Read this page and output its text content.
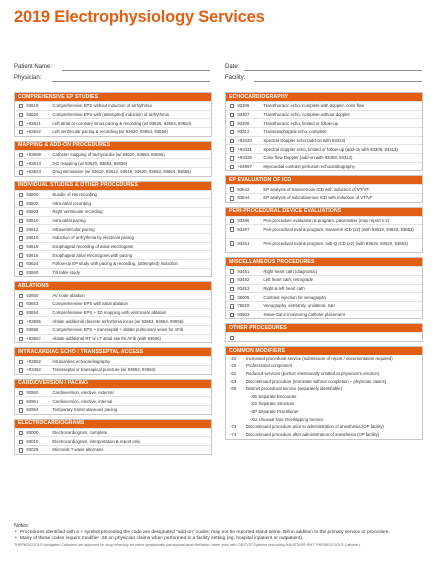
2019 Electrophysiology Services
Patient Name:	Date:
Physician:	Facility:
COMPREHENSIVE EP STUDIES
93619	Comprehensive EPS without induction of arrhythmia
93620	Comprehensive EPS with (attempted) induction of arrhythmia
+93621	Left atrial or coronary sinus pacing & recording (w/ 93620, 93653, 93654)
+93622	Left ventricular pacing & recording (w/ 93620, 93653, 93656)
MAPPING & ADD-ON PROCEDURES
+93609	Catheter mapping of tachycardia (w/ 93620, 93653, 93656)
+93613	3-D mapping (w/ 93620, 93653, 93656)
+93623	Drug stimulation (w/ 93610, 93612, 93619, 93620, 93653, 93654, 93656)
INDIVIDUAL STUDIES & OTHER PROCEDURES
93600	Bundle of His recording
93602	Intra-atrial recording
93603	Right ventricular recording
93610	Intra-atrial pacing
93612	Intraventricular pacing
93618	Induction of arrhythmia by electrical pacing
93615	Esophageal recording of atrial electrogram
93616	Esophageal atrial electrogram with pacing
93624	Follow-up EP study with pacing & recording, (attempted) induction
93660	Tilt table study
ABLATIONS
93650	AV node ablation
93653	Comprehensive EPS with atrial ablation
93654	Comprehensive EPS + 3D mapping with ventricular ablation
+93655	Ablate additional discrete arrhythmia focus (w/ 93653, 93654, 93656)
93656	Comprehensive EPS + transseptal + ablate pulmonary veins for AFib
+93657	Ablate additional RT or LT atrial site for AFib (with 93656)
INTRACARDIAC ECHO / TRANSSEPTAL ACCESS
+93662	Intracardiac echocardiography
+93462	Transseptal or transapical puncture (w/ 93653, 93654)
CARDIOVERSION / PACING
92960	Cardioversion, elective, external
92961	Cardioversion, elective, internal
92953	Temporary transcutaneous pacing
ELECTROCARDIOGRAMS
93000	Electrocardiogram, complete
93010	Electrocardiogram, interpretation & report only
93025	Microvolt T-wave alternans
ECHOCARDIOGRAPHY
93306	Transthoracic echo, complete with doppler, color flow
93307	Transthoracic echo, complete without doppler
93308	Transthoracic echo, limited or follow-up
93312	Transesophageal echo, complete
+93320	Spectral Doppler echo (add-on with 93312)
+93321	Spectral Doppler echo, limited or follow-up (add-on with 93308, 93312)
+93325	Color flow Doppler (add-on with 93308, 93312)
+04997	Myocardial contrast perfusion echocardiography
EP EVALUATION OF ICD
93642	EP analysis of transvenous ICD with induction of VT/VF
93644	EP analysis of subcutaneous ICD with induction of VT/VF
PERI-PROCEDURAL DEVICE EVALUATIONS
93286	Peri-procedure evaluation & program, pacemaker (may report x 2)
93287	Peri-procedural eval & program, transvenI ICD (x2) (with 93619, 93620, 93653)
93261	Peri-procedural eval & program, sub-Q ICD (x2) (with 93619, 93620, 93653)
MISCELLANEOUS PROCEDURES
93451	Right heart cath (diagnostic)
93452	Left heart cath, retrograde
93453	Right & left heart cath
36005	Contrast injection for venography
75820	Venography, extremity, unilateral, S&I
93503	Swan-Ganz monitoring catheter placement
OTHER PROCEDURES
COMMON MODIFIERS
-22	Increased procedural service (submission of report / documentation required)
-26	Professional component
-52	Reduced services (portion intentionally omitted at physician's election)
-53	Discontinued procedure (terminate without completion – physician claims)
-59	Distinct procedural service (separately identifiable)
-XE Separate Encounter
-XS Separate Structure
-XP Separate Practitioner
-XU Unusual Non-Overlapping Service
-73	Discontinued procedure prior to administration of anesthesia (OP facility)
-74	Discontinued procedure after administration of anesthesia (OP facility)
Notes:
• Procedures identified with a + symbol preceding the code are designated "add-on" codes; may not be reported stand-alone. Bill in addition to the primary service or procedure.
• Many of these codes require modifier -26 on physician claims when performed in a facility setting (eg, hospital inpatient or outpatient).
THERMOCOOL® Navigation Catheters are approved for drug refractory recurrent symptomatic paroxysmal atrial fibrillation, when used with CARTO® Systems (excluding NAVISTAR® RMT THERMOCOOL® Catheter).
